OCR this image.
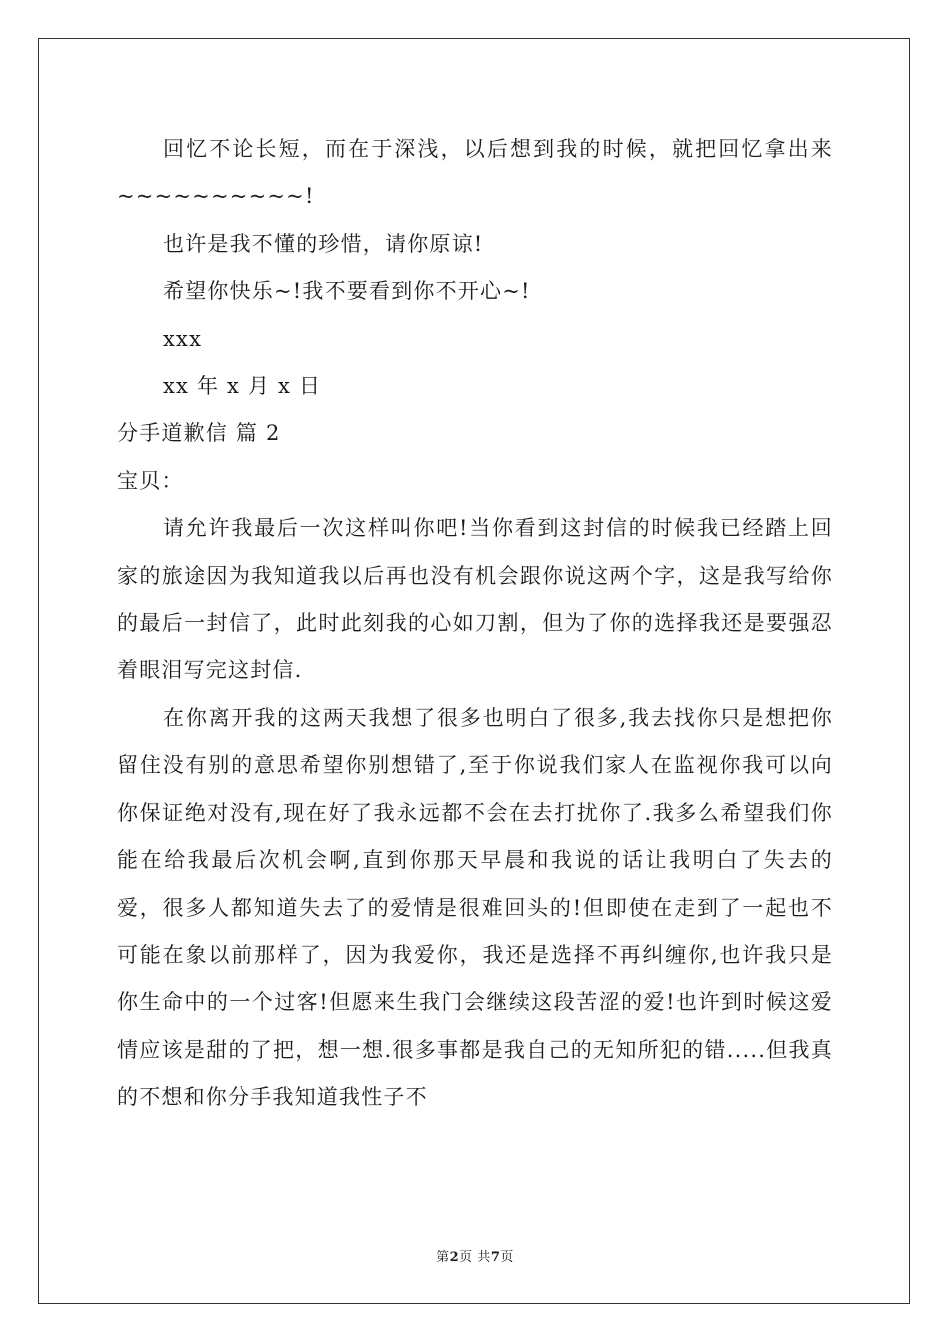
回忆不论长短，而在于深浅，以后想到我的时候，就把回忆拿出来~~~~~~~~~~!

也许是我不懂的珍惜，请你原谅!

希望你快乐~!我不要看到你不开心~!

xxx

xx 年 x 月 x 日

分手道歉信 篇 2

宝贝：

请允许我最后一次这样叫你吧!当你看到这封信的时候我已经踏上回家的旅途因为我知道我以后再也没有机会跟你说这两个字，这是我写给你的最后一封信了，此时此刻我的心如刀割，但为了你的选择我还是要强忍着眼泪写完这封信.

在你离开我的这两天我想了很多也明白了很多,我去找你只是想把你留住没有别的意思希望你别想错了,至于你说我们家人在监视你我可以向你保证绝对没有,现在好了我永远都不会在去打扰你了.我多么希望我们你能在给我最后次机会啊,直到你那天早晨和我说的话让我明白了失去的爱，很多人都知道失去了的爱情是很难回头的!但即使在走到了一起也不可能在象以前那样了，因为我爱你，我还是选择不再纠缠你,也许我只是你生命中的一个过客!但愿来生我门会继续这段苦涩的爱!也许到时候这爱情应该是甜的了把，想一想.很多事都是我自己的无知所犯的错.....但我真的不想和你分手我知道我性子不

第2页 共7页
